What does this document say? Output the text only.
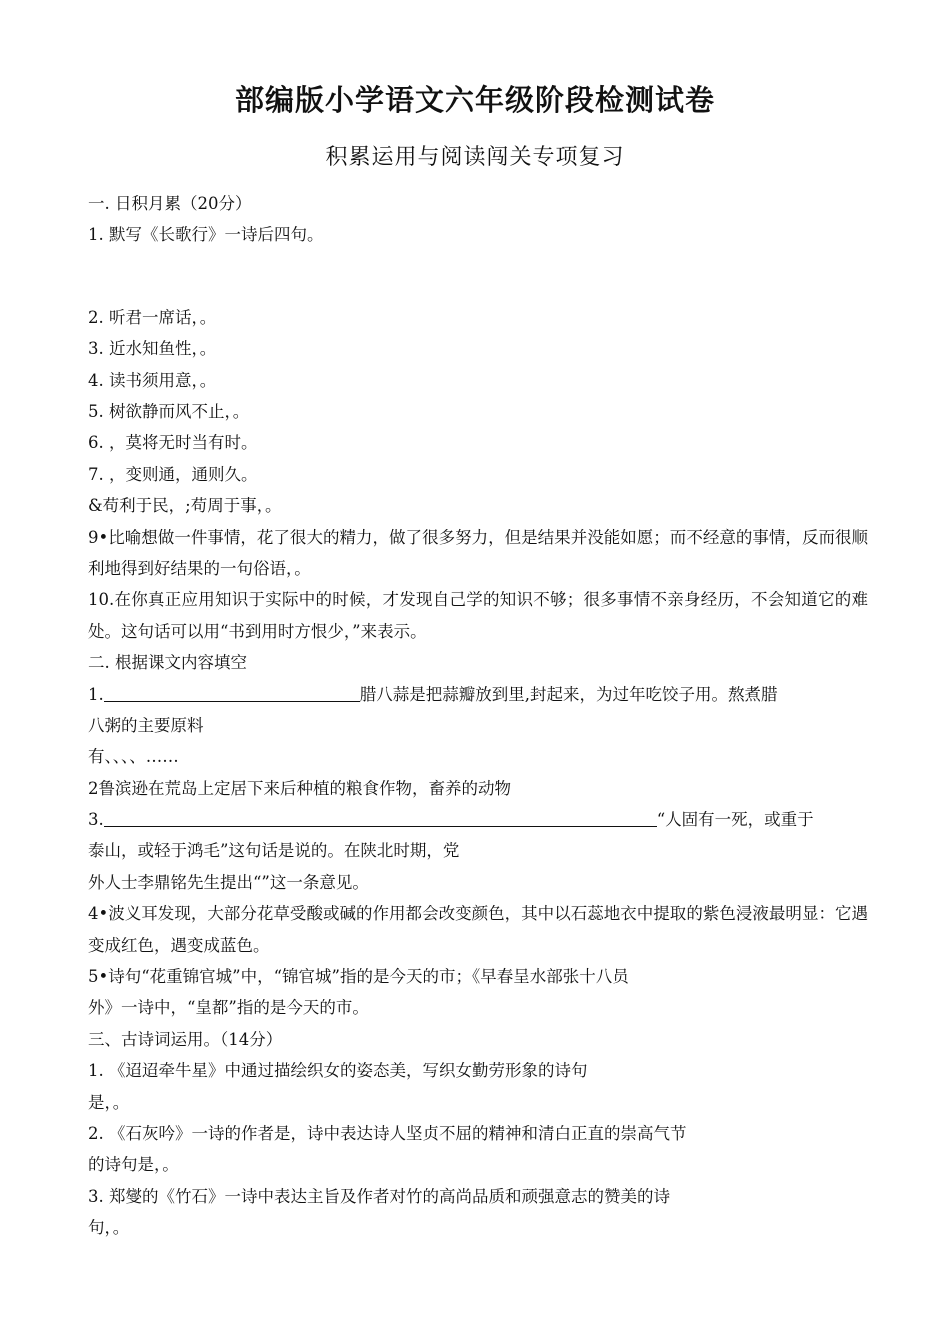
部编版小学语文六年级阶段检测试卷
积累运用与阅读闯关专项复习
一. 日积月累（20分）
1. 默写《长歌行》一诗后四句。
2. 听君一席话，。
3. 近水知鱼性，。
4. 读书须用意，。
5. 树欲静而风不止，。
6. ，莫将无时当有时。
7. ，变则通，通则久。
&苟利于民，;苟周于事，。
9•比喻想做一件事情，花了很大的精力，做了很多努力，但是结果并没能如愿；而不经意的事情，反而很顺利地得到好结果的一句俗语，。
10.在你真正应用知识于实际中的时候，才发现自己学的知识不够；很多事情不亲身经历，不会知道它的难处。这句话可以用“书到用时方恨少，”来表示。
二. 根据课文内容填空
1.	腊八蒜是把蒜瓣放到里,封起来，为过年吃饺子用。熬煮腊
八粥的主要原料
有、、、、……
2鲁滨逊在荒岛上定居下来后种植的粮食作物，畜养的动物
3.	“人固有一死，或重于
泰山，或轻于鸿毛”这句话是说的。在陕北时期，党
外人士李鼎铭先生提出“”这一条意见。
4•波义耳发现，大部分花草受酸或碱的作用都会改变颜色，其中以石蕊地衣中提取的紫色浸液最明显：它遇变成红色，遇变成蓝色。
5•诗句“花重锦官城”中，“锦官城”指的是今天的市；《早春呈水部张十八员
外》一诗中，“皇都”指的是今天的市。
三、古诗词运用。（14分）
1. 《迢迢牵牛星》中通过描绘织女的姿态美，写织女勤劳形象的诗句
是，。
2. 《石灰吟》一诗的作者是，诗中表达诗人坚贞不屈的精神和清白正直的崇高气节
的诗句是，。
3. 郑燮的《竹石》一诗中表达主旨及作者对竹的高尚品质和顽强意志的赞美的诗
句，。
